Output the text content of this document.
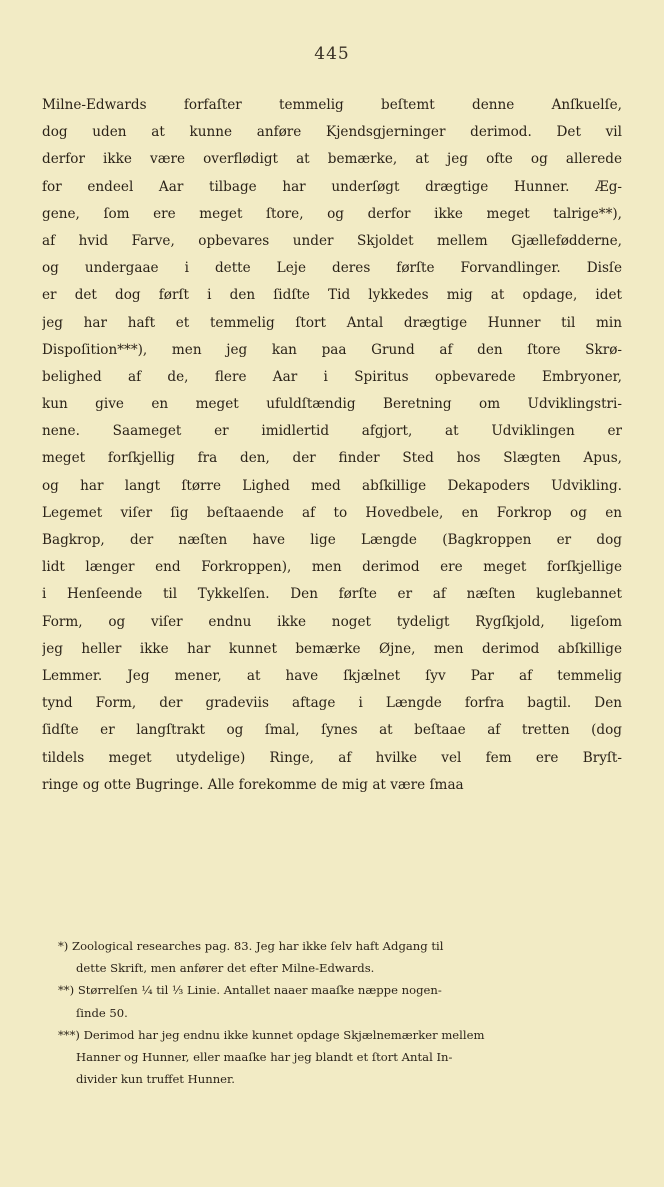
445
Milne-Edwards forfaſter temmelig beſtemt denne Anſkuelſe,
dog uden at kunne anføre Kjendsgjerninger derimod. Det vil
derfor ikke være overflødigt at bemærke, at jeg ofte og allerede
for endeel Aar tilbage har underſøgt drægtige Hunner. Æg-
gene, ſom ere meget ſtore, og derfor ikke meget talrige**),
af hvid Farve, opbevares under Skjoldet mellem Gjællefødderne,
og undergaae i dette Leje deres førſte Forvandlinger. Disſe
er det dog førſt i den ſidſte Tid lykkedes mig at opdage, idet
jeg har haft et temmelig ſtort Antal drægtige Hunner til min
Dispoſition***), men jeg kan paa Grund af den ſtore Skrø-
belighed af de, flere Aar i Spiritus opbevarede Embryoner,
kun give en meget ufuldſtændig Beretning om Udviklingstri-
nene. Saameget er imidlertid afgjort, at Udviklingen er
meget forſkjellig fra den, der finder Sted hos Slægten Apus,
og har langt ſtørre Lighed med abſkillige Dekapoders Udvikling.
Legemet viſer ſig beſtaaende af to Hovedbele, en Forkrop og en
Bagkrop, der næſten have lige Længde (Bagkroppen er dog
lidt længer end Forkroppen), men derimod ere meget forſkjellige
i Henſeende til Tykkelſen. Den førſte er af næſten kuglebannet
Form, og viſer endnu ikke noget tydeligt Rygſkjold, ligeſom
jeg heller ikke har kunnet bemærke Øjne, men derimod abſkillige
Lemmer. Jeg mener, at have ſkjælnet ſyv Par af temmelig
tynd Form, der gradeviis aftage i Længde forfra bagtil. Den
ſidſte er langſtrakt og ſmal, ſynes at beſtaae af tretten (dog
tildels meget utydelige) Ringe, af hvilke vel fem ere Bryſt-
ringe og otte Bugringe. Alle forekomme de mig at være ſmaa
*) Zoological researches pag. 83. Jeg har ikke ſelv haft Adgang til
dette Skrift, men anfører det efter Milne-Edwards.
**) Størrelſen ¼ til ⅓ Linie. Antallet naaer maaſke næppe nogen-
ſinde 50.
***) Derimod har jeg endnu ikke kunnet opdage Skjælnemærker mellem
Hanner og Hunner, eller maaſke har jeg blandt et ſtort Antal In-
divider kun truffet Hunner.
